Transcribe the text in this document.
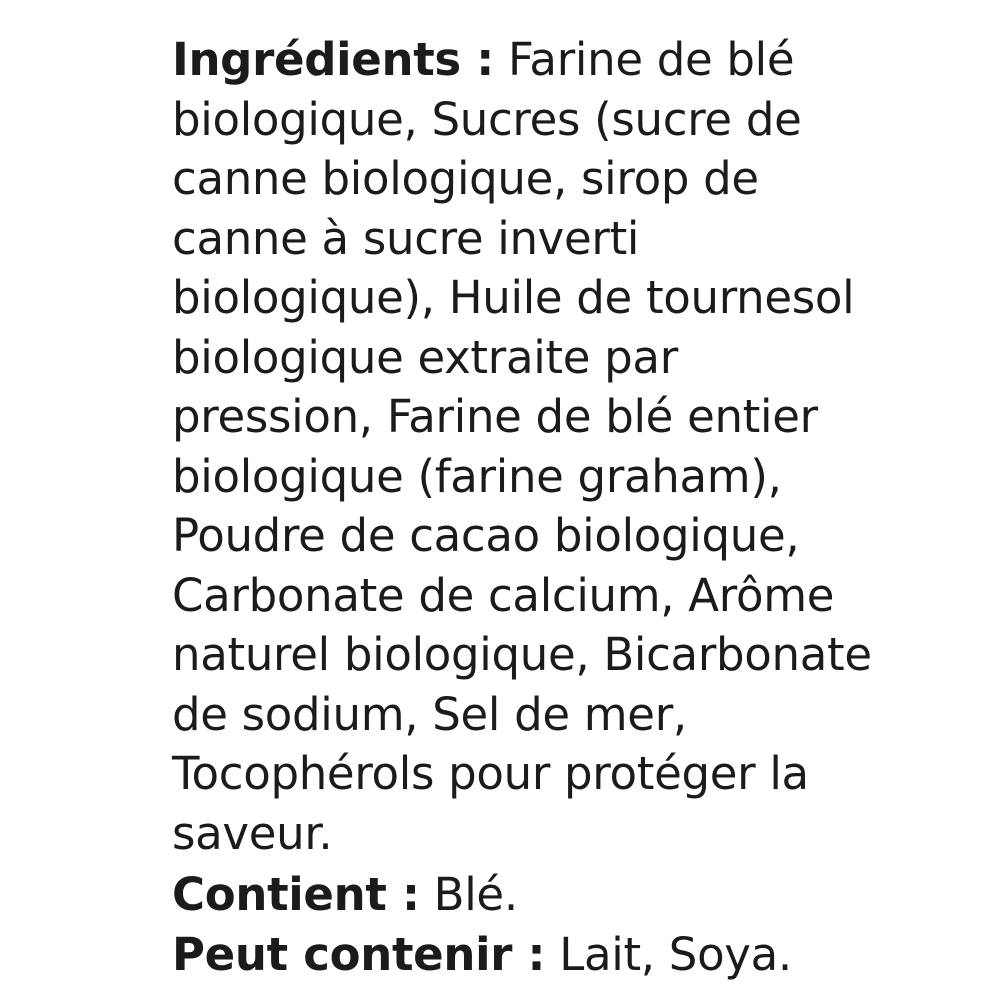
Ingrédients : Farine de blé biologique, Sucres (sucre de canne biologique, sirop de canne à sucre inverti biologique), Huile de tournesol biologique extraite par pression, Farine de blé entier biologique (farine graham), Poudre de cacao biologique, Carbonate de calcium, Arôme naturel biologique, Bicarbonate de sodium, Sel de mer, Tocophérols pour protéger la saveur.

Contient : Blé.

Peut contenir : Lait, Soya.
